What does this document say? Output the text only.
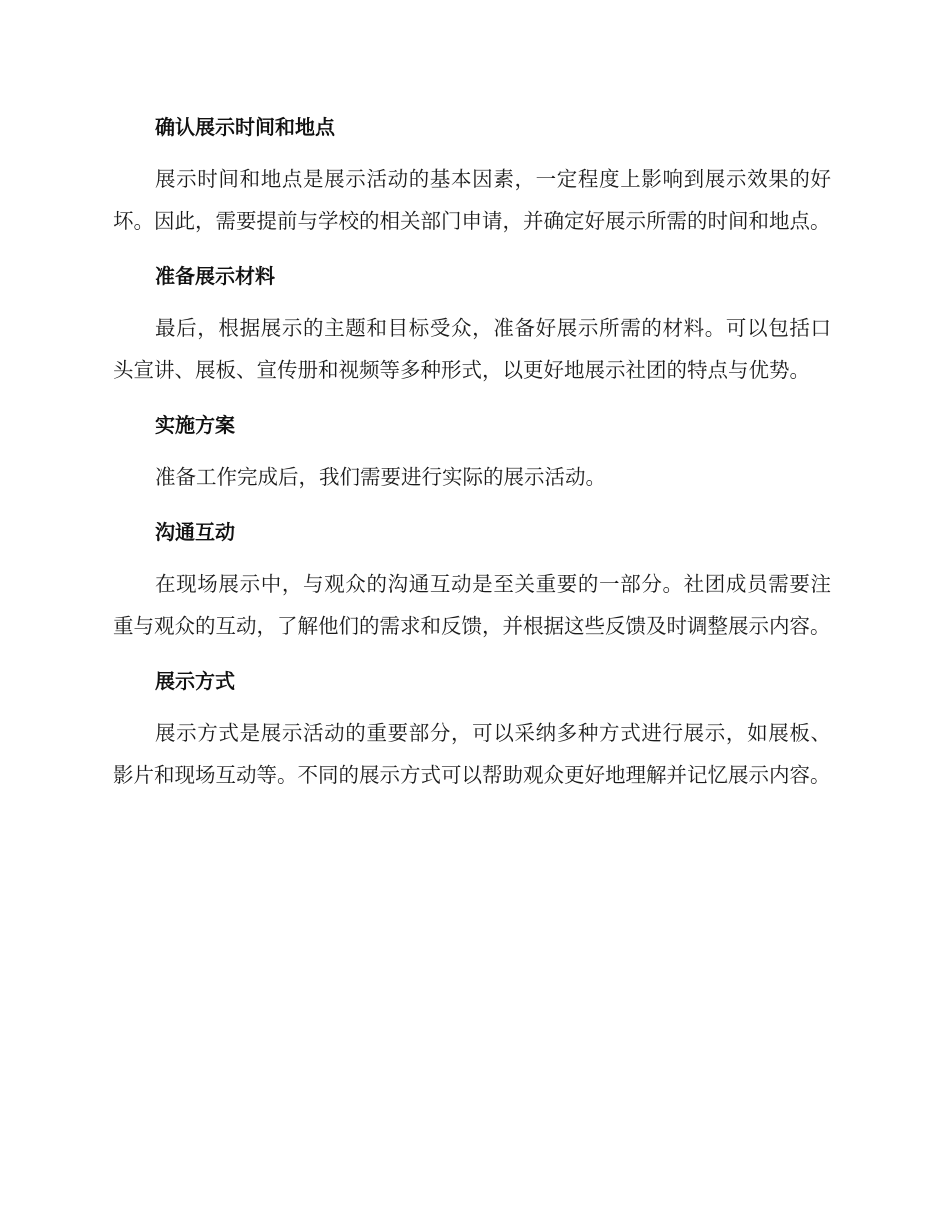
确认展示时间和地点

展示时间和地点是展示活动的基本因素，一定程度上影响到展示效果的好坏。因此，需要提前与学校的相关部门申请，并确定好展示所需的时间和地点。

准备展示材料

最后，根据展示的主题和目标受众，准备好展示所需的材料。可以包括口头宣讲、展板、宣传册和视频等多种形式，以更好地展示社团的特点与优势。

实施方案

准备工作完成后，我们需要进行实际的展示活动。

沟通互动

在现场展示中，与观众的沟通互动是至关重要的一部分。社团成员需要注重与观众的互动，了解他们的需求和反馈，并根据这些反馈及时调整展示内容。

展示方式

展示方式是展示活动的重要部分，可以采纳多种方式进行展示，如展板、影片和现场互动等。不同的展示方式可以帮助观众更好地理解并记忆展示内容。
